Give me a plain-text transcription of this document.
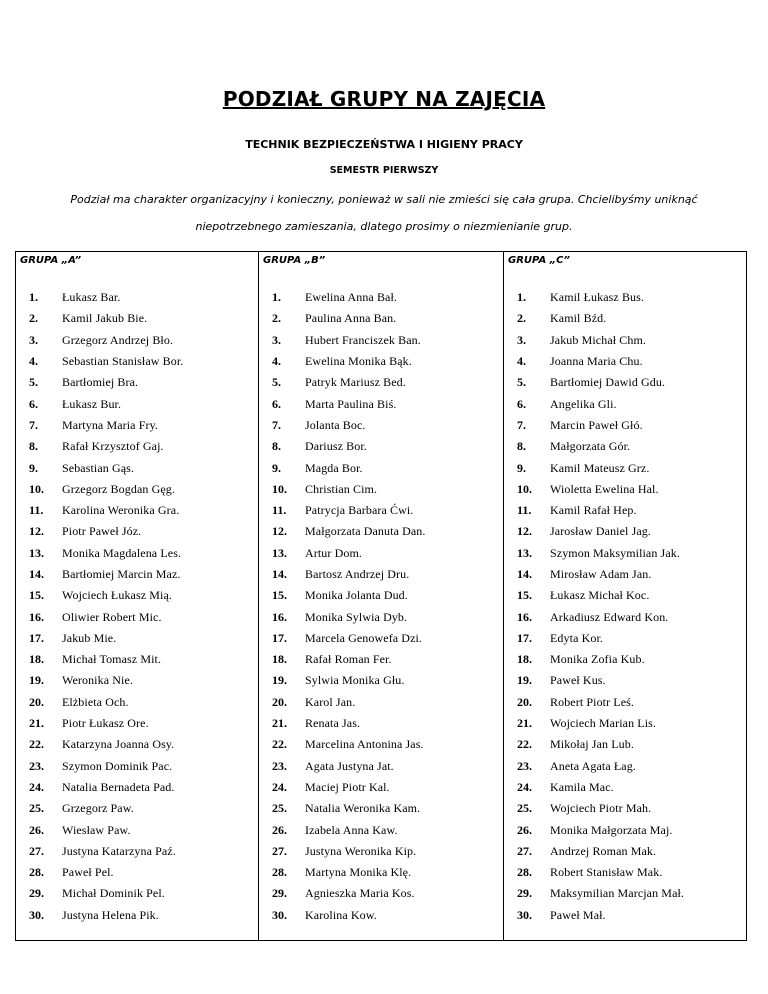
PODZIAŁ GRUPY NA ZAJĘCIA
TECHNIK BEZPIECZEŃSTWA I HIGIENY PRACY
SEMESTR PIERWSZY
Podział ma charakter organizacyjny i konieczny, ponieważ w sali nie zmieści się cała grupa. Chcielibyśmy uniknąć
niepotrzebnego zamieszania, dlatego prosimy o niezmienianie grup.
GRUPA „A”
1.	Łukasz Bar.
2.	Kamil Jakub Bie.
3.	Grzegorz Andrzej Bło.
4.	Sebastian Stanisław Bor.
5.	Bartłomiej Bra.
6.	Łukasz Bur.
7.	Martyna Maria Fry.
8.	Rafał Krzysztof Gaj.
9.	Sebastian Gąs.
10.	Grzegorz Bogdan Gęg.
11.	Karolina Weronika Gra.
12.	Piotr Paweł Józ.
13.	Monika Magdalena Les.
14.	Bartłomiej Marcin Maz.
15.	Wojciech Łukasz Mią.
16.	Oliwier Robert Mic.
17.	Jakub Mie.
18.	Michał Tomasz Mit.
19.	Weronika Nie.
20.	Elżbieta Och.
21.	Piotr Łukasz Ore.
22.	Katarzyna Joanna Osy.
23.	Szymon Dominik Pac.
24.	Natalia Bernadeta Pad.
25.	Grzegorz Paw.
26.	Wiesław Paw.
27.	Justyna Katarzyna Paź.
28.	Paweł Pel.
29.	Michał Dominik Pel.
30.	Justyna Helena Pik.
GRUPA „B”
1.	Ewelina Anna Bał.
2.	Paulina Anna Ban.
3.	Hubert Franciszek Ban.
4.	Ewelina Monika Bąk.
5.	Patryk Mariusz Bed.
6.	Marta Paulina Biś.
7.	Jolanta Boc.
8.	Dariusz Bor.
9.	Magda Bor.
10.	Christian Cim.
11.	Patrycja Barbara Ćwi.
12.	Małgorzata Danuta Dan.
13.	Artur Dom.
14.	Bartosz Andrzej Dru.
15.	Monika Jolanta Dud.
16.	Monika Sylwia Dyb.
17.	Marcela Genowefa Dzi.
18.	Rafał Roman Fer.
19.	Sylwia Monika Głu.
20.	Karol Jan.
21.	Renata Jas.
22.	Marcelina Antonina Jas.
23.	Agata Justyna Jat.
24.	Maciej Piotr Kal.
25.	Natalia Weronika Kam.
26.	Izabela Anna Kaw.
27.	Justyna Weronika Kip.
28.	Martyna Monika Klę.
29.	Agnieszka Maria Kos.
30.	Karolina Kow.
GRUPA „C”
1.	Kamil Łukasz Bus.
2.	Kamil Bźd.
3.	Jakub Michał Chm.
4.	Joanna Maria Chu.
5.	Bartłomiej Dawid Gdu.
6.	Angelika Gli.
7.	Marcin Paweł Głó.
8.	Małgorzata Gór.
9.	Kamil Mateusz Grz.
10.	Wioletta Ewelina Hal.
11.	Kamil Rafał Hep.
12.	Jarosław Daniel Jag.
13.	Szymon Maksymilian Jak.
14.	Mirosław Adam Jan.
15.	Łukasz Michał Koc.
16.	Arkadiusz Edward Kon.
17.	Edyta Kor.
18.	Monika Zofia Kub.
19.	Paweł Kus.
20.	Robert Piotr Leś.
21.	Wojciech Marian Lis.
22.	Mikołaj Jan Lub.
23.	Aneta Agata Łag.
24.	Kamila Mac.
25.	Wojciech Piotr Mah.
26.	Monika Małgorzata Maj.
27.	Andrzej Roman Mak.
28.	Robert Stanisław Mak.
29.	Maksymilian Marcjan Mał.
30.	Paweł Mał.
